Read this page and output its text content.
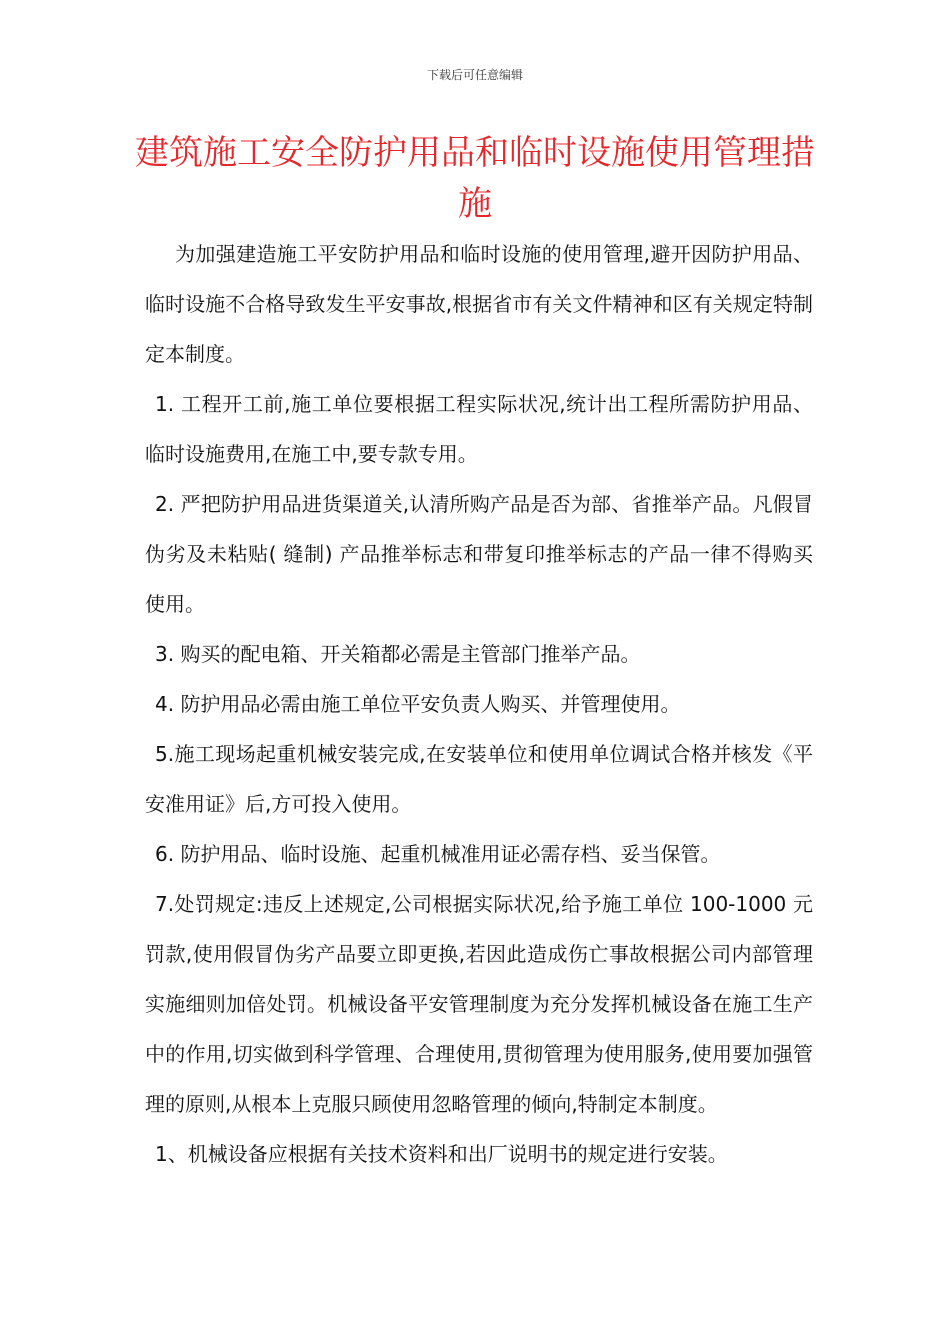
下载后可任意编辑
建筑施工安全防护用品和临时设施使用管理措施

为加强建造施工平安防护用品和临时设施的使用管理,避开因防护用品、临时设施不合格导致发生平安事故,根据省市有关文件精神和区有关规定特制定本制度。

1. 工程开工前,施工单位要根据工程实际状况,统计出工程所需防护用品、临时设施费用,在施工中,要专款专用。

2. 严把防护用品进货渠道关,认清所购产品是否为部、省推举产品。凡假冒伪劣及未粘贴( 缝制) 产品推举标志和带复印推举标志的产品一律不得购买使用。

3. 购买的配电箱、开关箱都必需是主管部门推举产品。

4. 防护用品必需由施工单位平安负责人购买、并管理使用。

5.施工现场起重机械安装完成,在安装单位和使用单位调试合格并核发《平安准用证》后,方可投入使用。

6. 防护用品、临时设施、起重机械准用证必需存档、妥当保管。

7.处罚规定:违反上述规定,公司根据实际状况,给予施工单位 100-1000 元罚款,使用假冒伪劣产品要立即更换,若因此造成伤亡事故根据公司内部管理实施细则加倍处罚。机械设备平安管理制度为充分发挥机械设备在施工生产中的作用,切实做到科学管理、合理使用,贯彻管理为使用服务,使用要加强管理的原则,从根本上克服只顾使用忽略管理的倾向,特制定本制度。

1、机械设备应根据有关技术资料和出厂说明书的规定进行安装。
